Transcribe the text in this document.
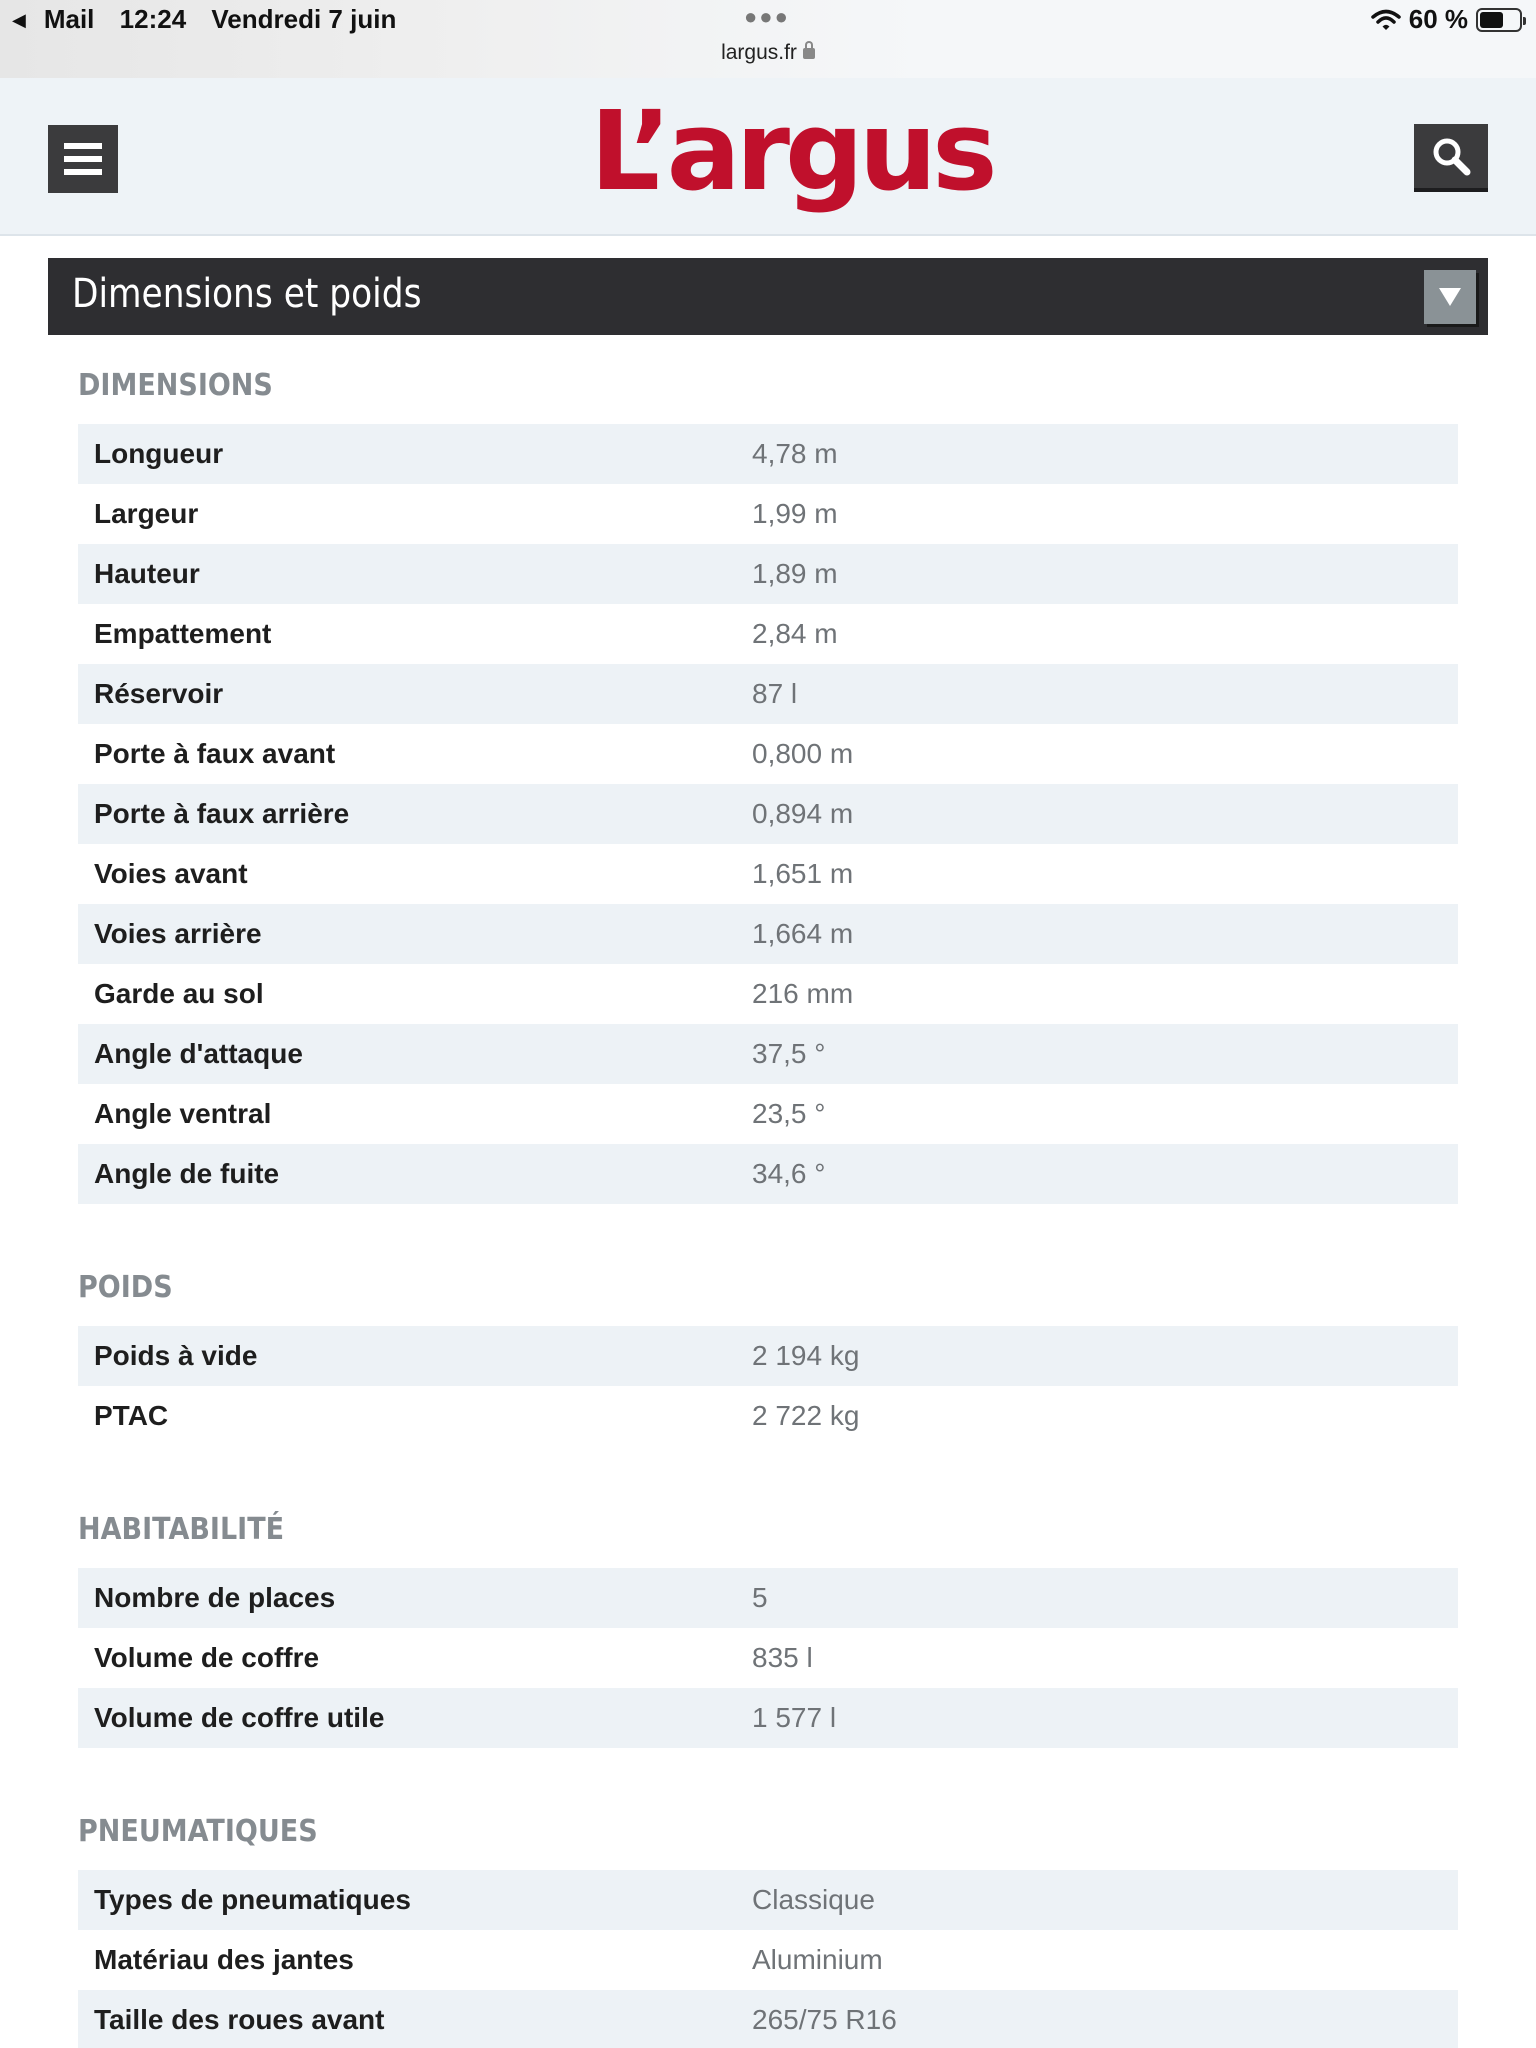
◀ Mail 12:24 Vendredi 7 juin	●●●
largus.fr
60 %
L’argus
Dimensions et poids
DIMENSIONS
Longueur	4,78 m
Largeur	1,99 m
Hauteur	1,89 m
Empattement	2,84 m
Réservoir	87 l
Porte à faux avant	0,800 m
Porte à faux arrière	0,894 m
Voies avant	1,651 m
Voies arrière	1,664 m
Garde au sol	216 mm
Angle d'attaque	37,5 °
Angle ventral	23,5 °
Angle de fuite	34,6 °
POIDS
Poids à vide	2 194 kg
PTAC	2 722 kg
HABITABILITÉ
Nombre de places	5
Volume de coffre	835 l
Volume de coffre utile	1 577 l
PNEUMATIQUES
Types de pneumatiques	Classique
Matériau des jantes	Aluminium
Taille des roues avant	265/75 R16
